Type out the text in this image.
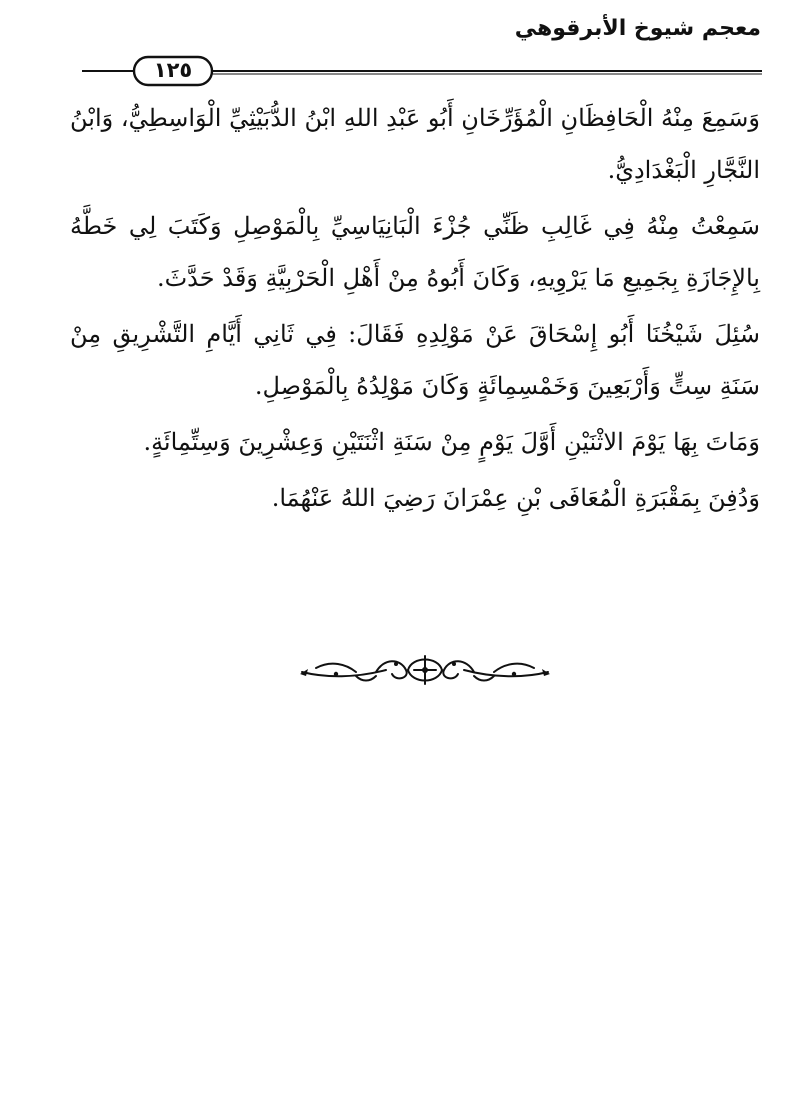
معجم شيوخ الأبرقوهي
١٢٥

وَسَمِعَ مِنْهُ الْحَافِظَانِ الْمُؤَرِّخَانِ أَبُو عَبْدِ اللهِ ابْنُ الدُّبَيْثِيِّ الْوَاسِطِيُّ، وَابْنُ النَّجَّارِ الْبَغْدَادِيُّ.

سَمِعْتُ مِنْهُ فِي غَالِبِ ظَنِّي جُزْءَ الْبَانِيَاسِيِّ بِالْمَوْصِلِ وَكَتَبَ لِي خَطَّهُ بِالإِجَازَةِ بِجَمِيعِ مَا يَرْوِيهِ، وَكَانَ أَبُوهُ مِنْ أَهْلِ الْحَرْبِيَّةِ وَقَدْ حَدَّثَ.

سُئِلَ شَيْخُنَا أَبُو إِسْحَاقَ عَنْ مَوْلِدِهِ فَقَالَ: فِي ثَانِي أَيَّامِ التَّشْرِيقِ مِنْ سَنَةِ سِتٍّ وَأَرْبَعِينَ وَخَمْسِمِائَةٍ وَكَانَ مَوْلِدُهُ بِالْمَوْصِلِ.

وَمَاتَ بِهَا يَوْمَ الاثْنَيْنِ أَوَّلَ يَوْمٍ مِنْ سَنَةِ اثْنَتَيْنِ وَعِشْرِينَ وَسِتِّمِائَةٍ.

وَدُفِنَ بِمَقْبَرَةِ الْمُعَافَى بْنِ عِمْرَانَ رَضِيَ اللهُ عَنْهُمَا.
